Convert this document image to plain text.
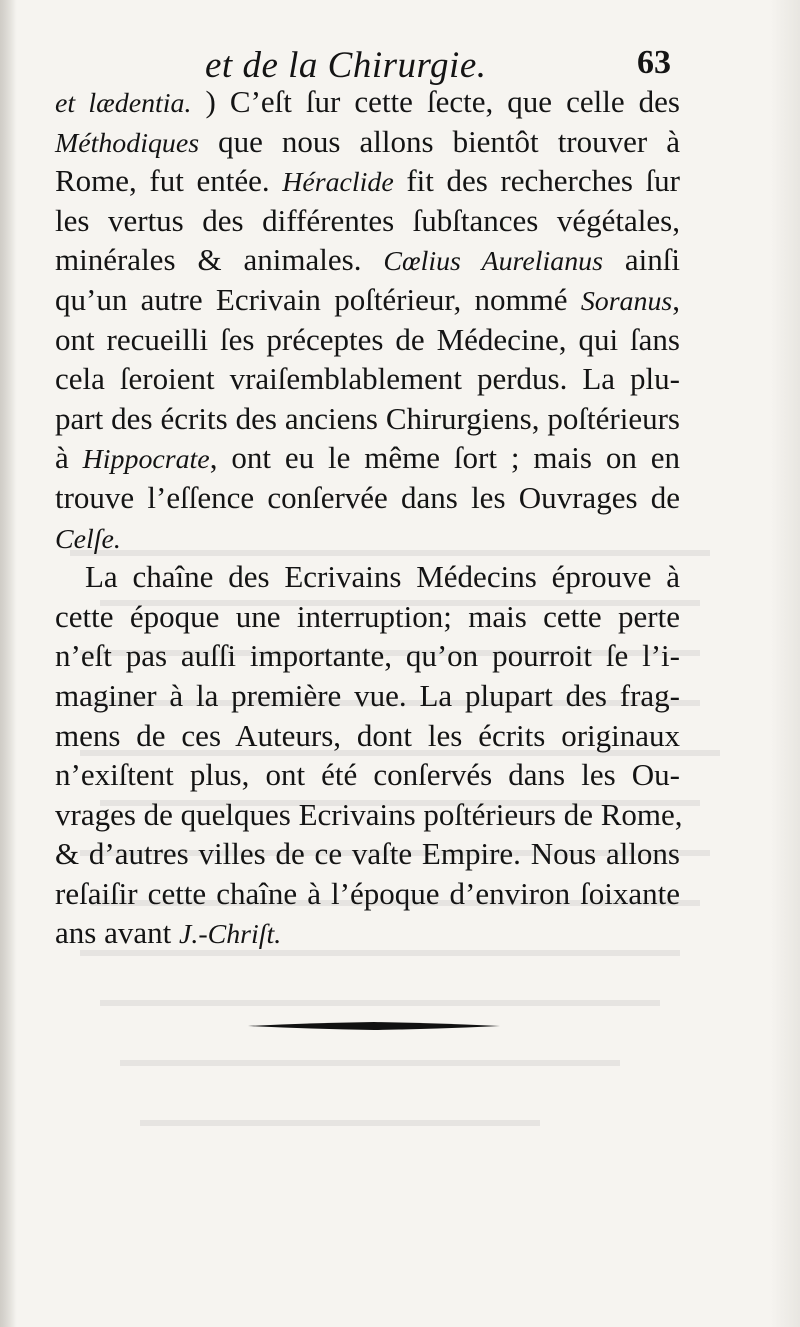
et de la Chirurgie.	63
et lædentia. ) C’eſt ſur cette ſecte, que celle des
Méthodiques que nous allons bientôt trouver à
Rome, fut entée. Héraclide fit des recherches ſur
les vertus des différentes ſubſtances végétales,
minérales & animales. Cœlius Aurelianus ainſi
qu’un autre Ecrivain poſtérieur, nommé Soranus,
ont recueilli ſes préceptes de Médecine, qui ſans
cela ſeroient vraiſemblablement perdus. La plu-
part des écrits des anciens Chirurgiens, poſtérieurs
à Hippocrate, ont eu le même ſort ; mais on en
trouve l’eſſence conſervée dans les Ouvrages de
Celſe.
La chaîne des Ecrivains Médecins éprouve à
cette époque une interruption; mais cette perte
n’eſt pas auſſi importante, qu’on pourroit ſe l’i-
maginer à la première vue. La plupart des frag-
mens de ces Auteurs, dont les écrits originaux
n’exiſtent plus, ont été conſervés dans les Ou-
vrages de quelques Ecrivains poſtérieurs de Rome,
& d’autres villes de ce vaſte Empire. Nous allons
reſaiſir cette chaîne à l’époque d’environ ſoixante
ans avant J.-Chriſt.
